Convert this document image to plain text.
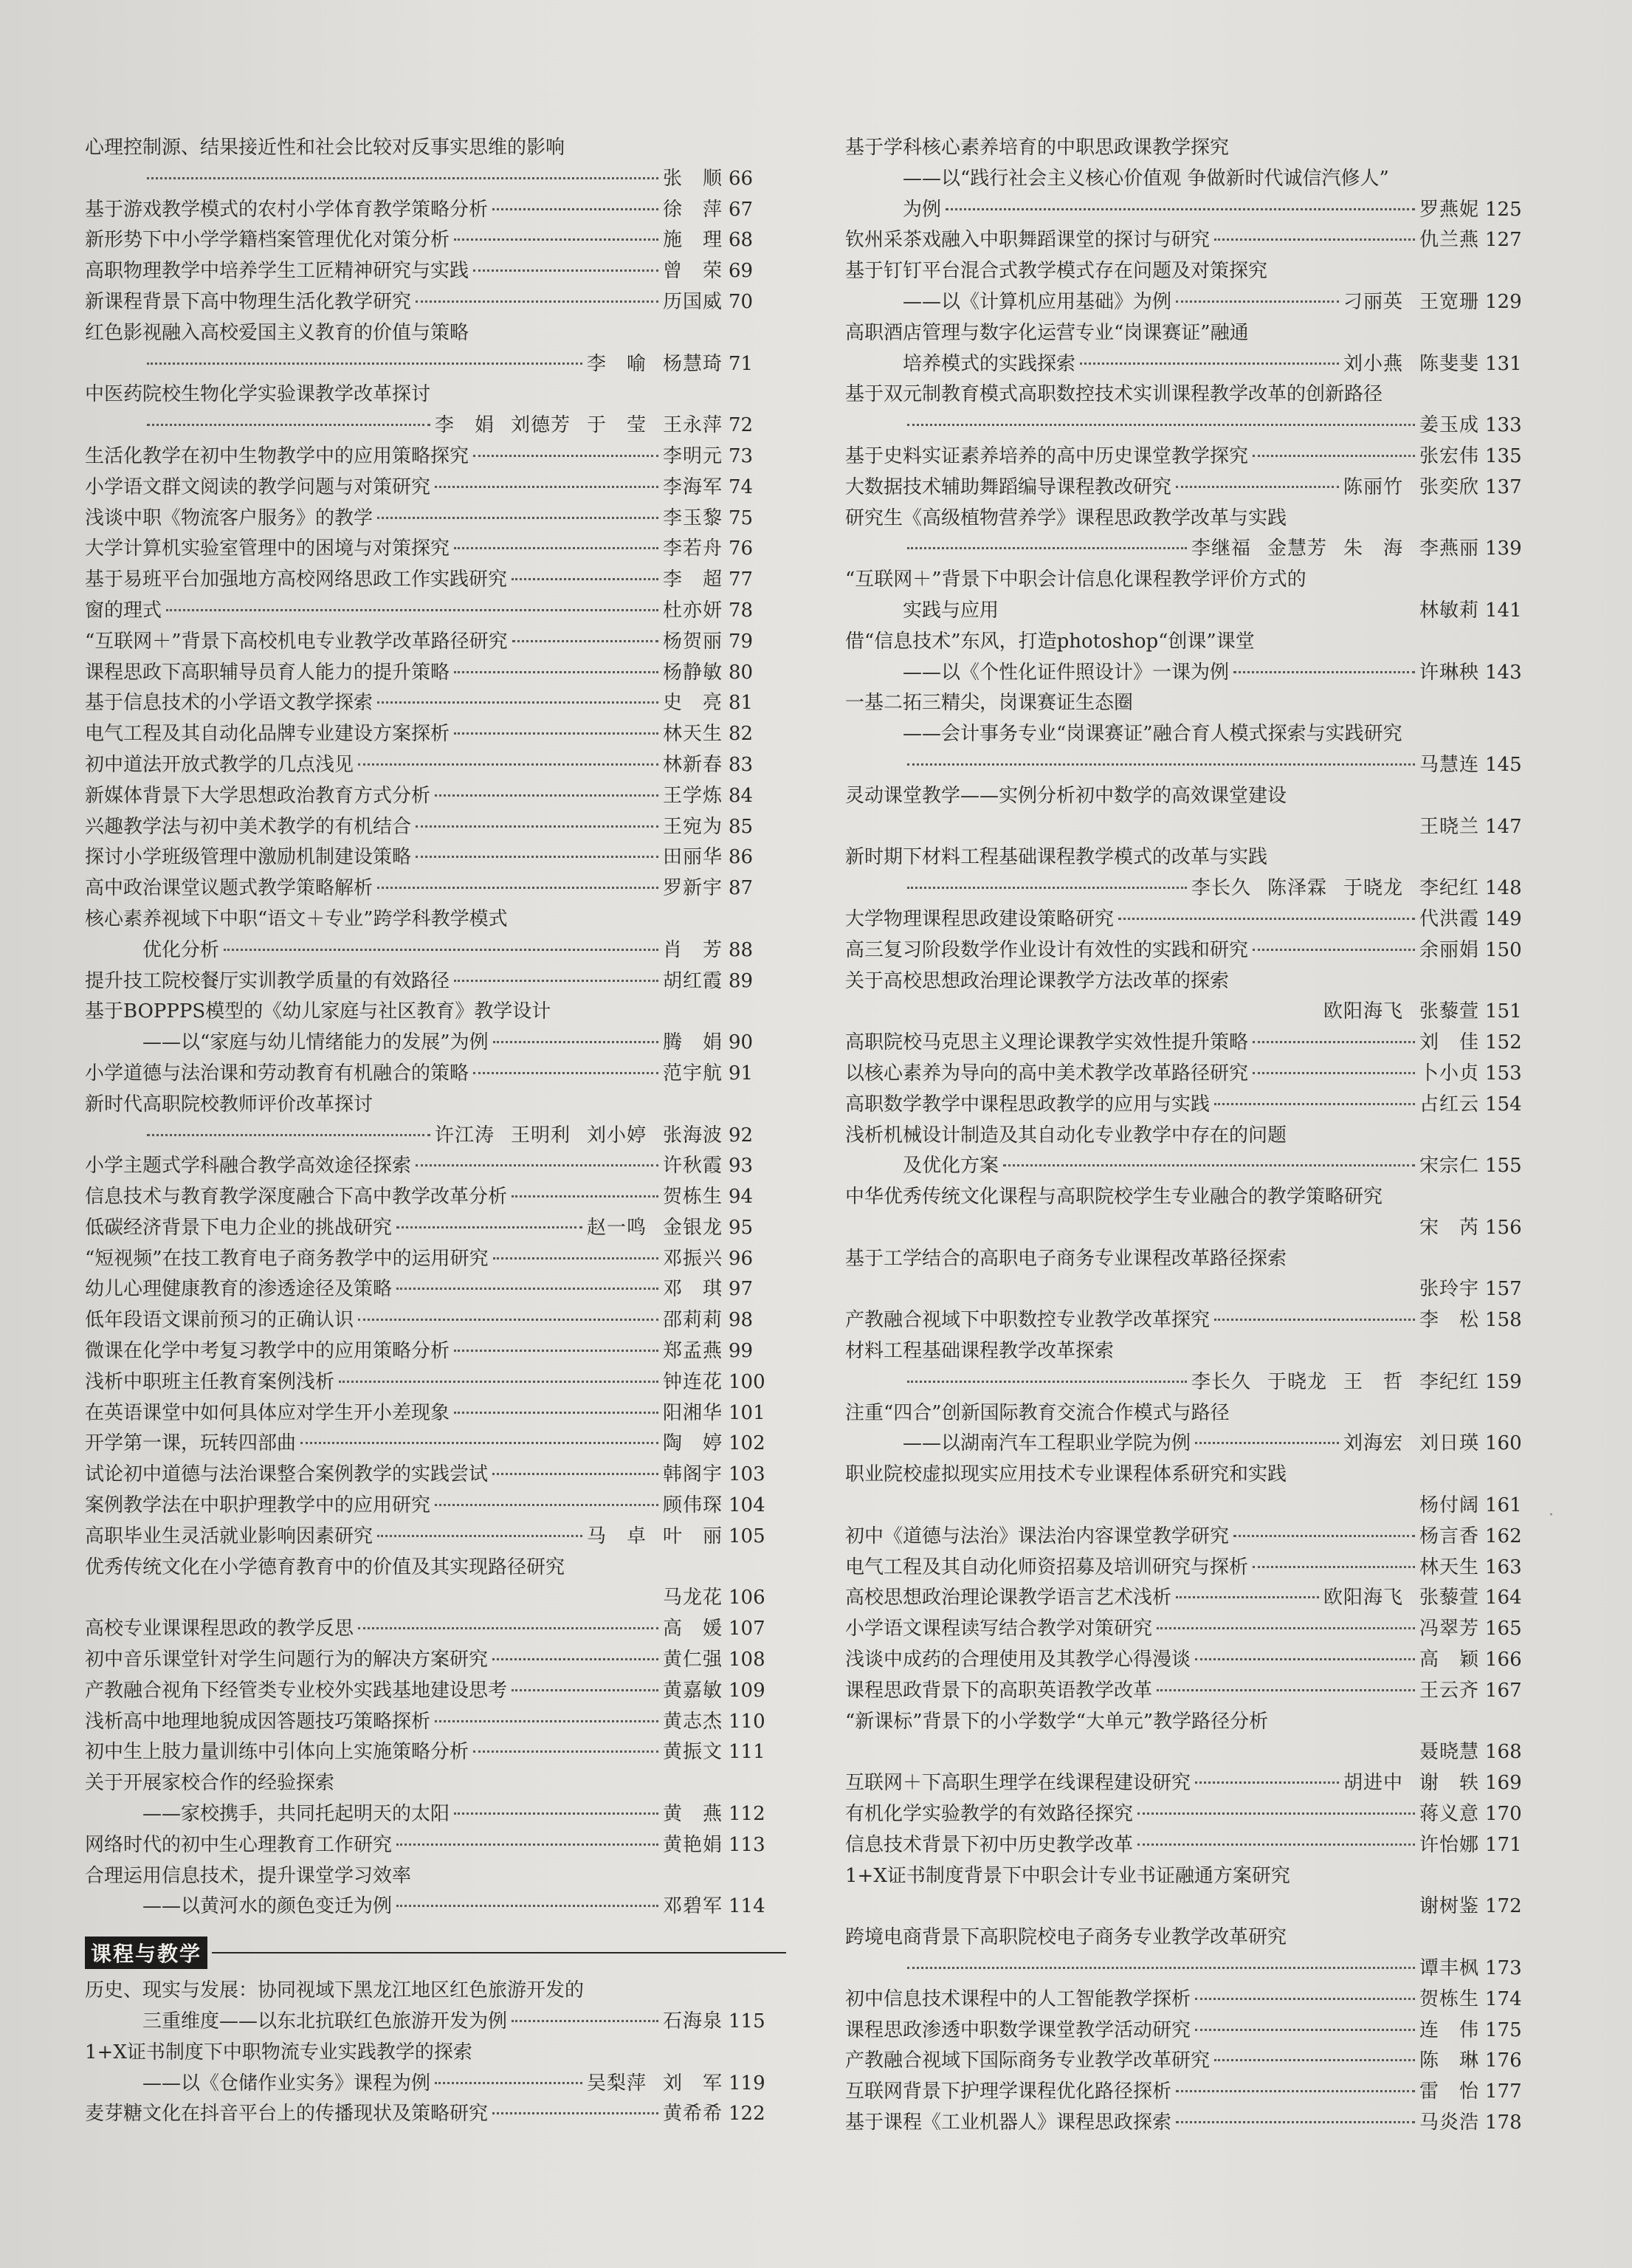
心理控制源、结果接近性和社会比较对反事实思维的影响
张　顺 66
基于游戏教学模式的农村小学体育教学策略分析	徐　萍 67
新形势下中小学学籍档案管理优化对策分析	施　理 68
高职物理教学中培养学生工匠精神研究与实践	曾　荣 69
新课程背景下高中物理生活化教学研究	历国威 70
红色影视融入高校爱国主义教育的价值与策略
李　喻 杨慧琦 71
中医药院校生物化学实验课教学改革探讨
李　娟 刘德芳 于　莹 王永萍 72
生活化教学在初中生物教学中的应用策略探究	李明元 73
小学语文群文阅读的教学问题与对策研究	李海军 74
浅谈中职《物流客户服务》的教学	李玉黎 75
大学计算机实验室管理中的困境与对策探究	李若舟 76
基于易班平台加强地方高校网络思政工作实践研究	李　超 77
窗的理式	杜亦妍 78
“互联网＋”背景下高校机电专业教学改革路径研究	杨贺丽 79
课程思政下高职辅导员育人能力的提升策略	杨静敏 80
基于信息技术的小学语文教学探索	史　亮 81
电气工程及其自动化品牌专业建设方案探析	林天生 82
初中道法开放式教学的几点浅见	林新春 83
新媒体背景下大学思想政治教育方式分析	王学炼 84
兴趣教学法与初中美术教学的有机结合	王宛为 85
探讨小学班级管理中激励机制建设策略	田丽华 86
高中政治课堂议题式教学策略解析	罗新宇 87
核心素养视域下中职“语文＋专业”跨学科教学模式
优化分析	肖　芳 88
提升技工院校餐厅实训教学质量的有效路径	胡红霞 89
基于BOPPPS模型的《幼儿家庭与社区教育》教学设计
——以“家庭与幼儿情绪能力的发展”为例	腾　娟 90
小学道德与法治课和劳动教育有机融合的策略	范宇航 91
新时代高职院校教师评价改革探讨
许江涛 王明利 刘小婷 张海波 92
小学主题式学科融合教学高效途径探索	许秋霞 93
信息技术与教育教学深度融合下高中教学改革分析	贺栋生 94
低碳经济背景下电力企业的挑战研究	赵一鸣 金银龙 95
“短视频”在技工教育电子商务教学中的运用研究	邓振兴 96
幼儿心理健康教育的渗透途径及策略	邓　琪 97
低年段语文课前预习的正确认识	邵莉莉 98
微课在化学中考复习教学中的应用策略分析	郑孟燕 99
浅析中职班主任教育案例浅析	钟连花 100
在英语课堂中如何具体应对学生开小差现象	阳湘华 101
开学第一课，玩转四部曲	陶　婷 102
试论初中道德与法治课整合案例教学的实践尝试	韩阁宇 103
案例教学法在中职护理教学中的应用研究	顾伟琛 104
高职毕业生灵活就业影响因素研究	马　卓 叶　丽 105
优秀传统文化在小学德育教育中的价值及其实现路径研究
马龙花 106
高校专业课课程思政的教学反思	高　媛 107
初中音乐课堂针对学生问题行为的解决方案研究	黄仁强 108
产教融合视角下经管类专业校外实践基地建设思考	黄嘉敏 109
浅析高中地理地貌成因答题技巧策略探析	黄志杰 110
初中生上肢力量训练中引体向上实施策略分析	黄振文 111
关于开展家校合作的经验探索
——家校携手，共同托起明天的太阳	黄　燕 112
网络时代的初中生心理教育工作研究	黄艳娟 113
合理运用信息技术，提升课堂学习效率
——以黄河水的颜色变迁为例	邓碧军 114
课程与教学
历史、现实与发展：协同视域下黑龙江地区红色旅游开发的
三重维度——以东北抗联红色旅游开发为例	石海泉 115
1+X证书制度下中职物流专业实践教学的探索
——以《仓储作业实务》课程为例	吴梨萍 刘　军 119
麦芽糖文化在抖音平台上的传播现状及策略研究	黄希希 122
基于学科核心素养培育的中职思政课教学探究
——以“践行社会主义核心价值观 争做新时代诚信汽修人”
为例	罗燕妮 125
钦州采茶戏融入中职舞蹈课堂的探讨与研究	仇兰燕 127
基于钉钉平台混合式教学模式存在问题及对策探究
——以《计算机应用基础》为例	刁丽英 王宽珊 129
高职酒店管理与数字化运营专业“岗课赛证”融通
培养模式的实践探索	刘小燕 陈斐斐 131
基于双元制教育模式高职数控技术实训课程教学改革的创新路径
姜玉成 133
基于史料实证素养培养的高中历史课堂教学探究	张宏伟 135
大数据技术辅助舞蹈编导课程教改研究	陈丽竹 张奕欣 137
研究生《高级植物营养学》课程思政教学改革与实践
李继福 金慧芳 朱　海 李燕丽 139
“互联网＋”背景下中职会计信息化课程教学评价方式的
实践与应用	林敏莉 141
借“信息技术”东风，打造photoshop“创课”课堂
——以《个性化证件照设计》一课为例	许琳秧 143
一基二拓三精尖，岗课赛证生态圈
——会计事务专业“岗课赛证”融合育人模式探索与实践研究
马慧连 145
灵动课堂教学——实例分析初中数学的高效课堂建设
王晓兰 147
新时期下材料工程基础课程教学模式的改革与实践
李长久 陈泽霖 于晓龙 李纪红 148
大学物理课程思政建设策略研究	代洪霞 149
高三复习阶段数学作业设计有效性的实践和研究	余丽娟 150
关于高校思想政治理论课教学方法改革的探索
欧阳海飞 张藜萱 151
高职院校马克思主义理论课教学实效性提升策略	刘　佳 152
以核心素养为导向的高中美术教学改革路径研究	卜小贞 153
高职数学教学中课程思政教学的应用与实践	占红云 154
浅析机械设计制造及其自动化专业教学中存在的问题
及优化方案	宋宗仁 155
中华优秀传统文化课程与高职院校学生专业融合的教学策略研究
宋　芮 156
基于工学结合的高职电子商务专业课程改革路径探索
张玲宇 157
产教融合视域下中职数控专业教学改革探究	李　松 158
材料工程基础课程教学改革探索
李长久 于晓龙 王　哲 李纪红 159
注重“四合”创新国际教育交流合作模式与路径
——以湖南汽车工程职业学院为例	刘海宏 刘日瑛 160
职业院校虚拟现实应用技术专业课程体系研究和实践
杨付阔 161
初中《道德与法治》课法治内容课堂教学研究	杨言香 162
电气工程及其自动化师资招募及培训研究与探析	林天生 163
高校思想政治理论课教学语言艺术浅析	欧阳海飞 张藜萱 164
小学语文课程读写结合教学对策研究	冯翠芳 165
浅谈中成药的合理使用及其教学心得漫谈	高　颖 166
课程思政背景下的高职英语教学改革	王云齐 167
“新课标”背景下的小学数学“大单元”教学路径分析
聂晓慧 168
互联网＋下高职生理学在线课程建设研究	胡进中 谢　轶 169
有机化学实验教学的有效路径探究	蒋义意 170
信息技术背景下初中历史教学改革	许怡娜 171
1+X证书制度背景下中职会计专业书证融通方案研究
谢树鉴 172
跨境电商背景下高职院校电子商务专业教学改革研究
谭丰枫 173
初中信息技术课程中的人工智能教学探析	贺栋生 174
课程思政渗透中职数学课堂教学活动研究	连　伟 175
产教融合视域下国际商务专业教学改革研究	陈　琳 176
互联网背景下护理学课程优化路径探析	雷　怡 177
基于课程《工业机器人》课程思政探索	马炎浩 178
·
